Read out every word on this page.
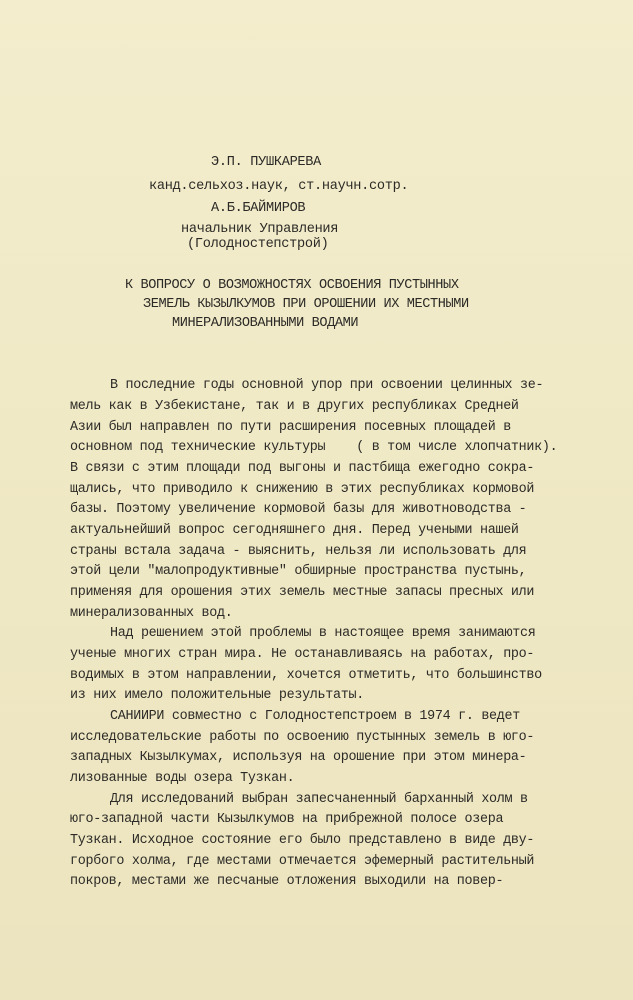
Э.П. ПУШКАРЕВА
канд.сельхоз.наук, ст.научн.сотр.
А.Б.БАЙМИРОВ
начальник Управления
(Голодностепстрой)
К ВОПРОСУ О ВОЗМОЖНОСТЯХ ОСВОЕНИЯ ПУСТЫННЫХ
ЗЕМЕЛЬ КЫЗЫЛКУМОВ ПРИ ОРОШЕНИИ ИХ МЕСТНЫМИ
МИНЕРАЛИЗОВАННЫМИ ВОДАМИ
В последние годы основной упор при освоении целинных зе-
мель как в Узбекистане, так и в других республиках Средней
Азии был направлен по пути расширения посевных площадей в
основном под технические культуры    ( в том числе хлопчатник).
В связи с этим площади под выгоны и пастбища ежегодно сокра-
щались, что приводило к снижению в этих республиках кормовой
базы. Поэтому увеличение кормовой базы для животноводства -
актуальнейший вопрос сегодняшнего дня. Перед учеными нашей
страны встала задача - выяснить, нельзя ли использовать для
этой цели "малопродуктивные" обширные пространства пустынь,
применяя для орошения этих земель местные запасы пресных или
минерализованных вод.
Над решением этой проблемы в настоящее время занимаются
ученые многих стран мира. Не останавливаясь на работах, про-
водимых в этом направлении, хочется отметить, что большинство
из них имело положительные результаты.
САНИИРИ совместно с Голодностепстроем в 1974 г. ведет
исследовательские работы по освоению пустынных земель в юго-
западных Кызылкумах, используя на орошение при этом минера-
лизованные воды озера Тузкан.
Для исследований выбран запесчаненный барханный холм в
юго-западной части Кызылкумов на прибрежной полосе озера
Тузкан. Исходное состояние его было представлено в виде дву-
горбого холма, где местами отмечается эфемерный растительный
покров, местами же песчаные отложения выходили на повер-
